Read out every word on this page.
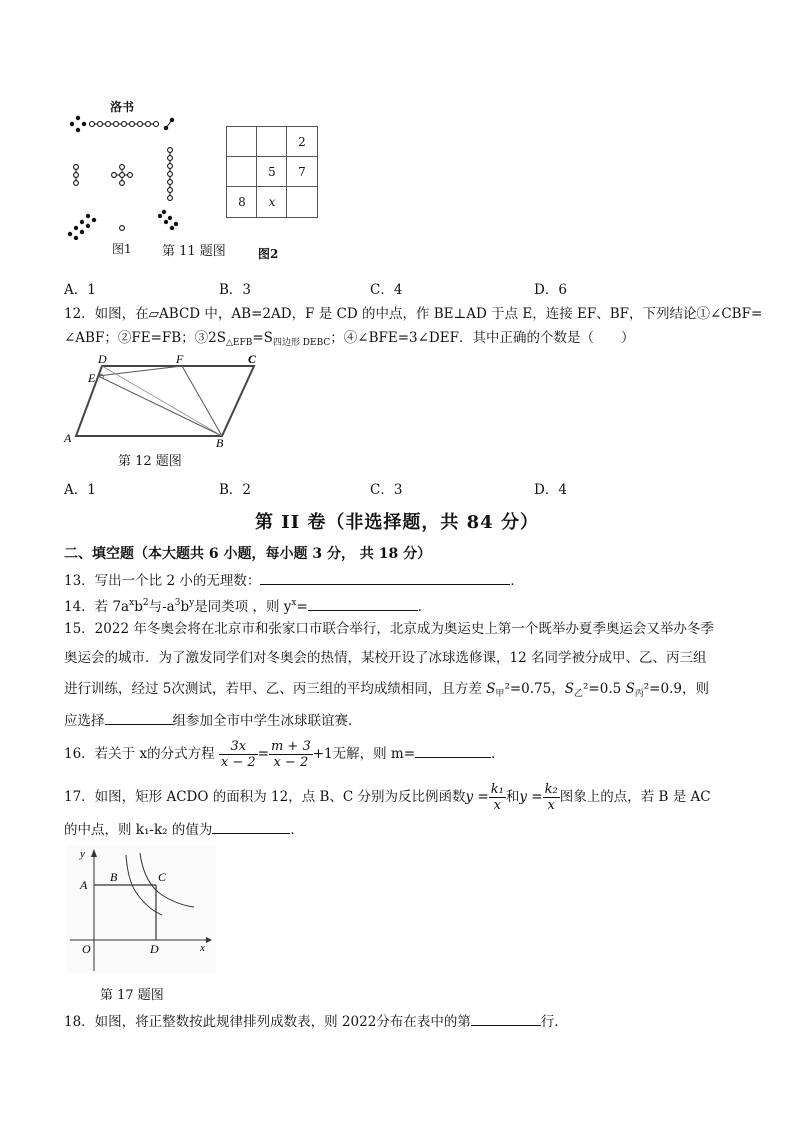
洛书
图1 第 11 题图
2
5	7
8	x
图2
A．1	B．3	C．4	D．6
12．如图，在▱ABCD 中，AB=2AD，F 是 CD 的中点，作 BE⊥AD 于点 E，连接 EF、BF，下列结论①∠CBF=
∠ABF；②FE=FB；$③2S_{\triangle EFB}=S_{四边形 DEBC}$；④∠BFE=3∠DEF．其中正确的个数是（　　）
D	F	C
E
A	B
第 12 题图
A．1	B．2	C．3	D．4
第 II 卷（非选择题，共 84 分）
二、填空题（本大题共 6 小题，每小题 3 分， 共 18 分）
13．写出一个比 2 小的无理数：	．
14．若 $7a^xb^2$与$-a^3b^y$是同类项 ，则 $y^x=$	．
15．2022 年冬奥会将在北京市和张家口市联合举行，北京成为奥运史上第一个既举办夏季奥运会又举办冬季
奥运会的城市．为了激发同学们对冬奥会的热情，某校开设了冰球选修课，12 名同学被分成甲、乙、丙三组
进行训练，经过 5次测试，若甲、乙、丙三组的平均成绩相同，且方差 $S_甲^2=0.75$，$S_乙^2=0.5$ $S_丙^2=0.9$，则
应选择	组参加全市中学生冰球联谊赛．
16．若关于 x的分式方程 $\frac{3x}{x - 2} = \frac{m + 3}{x - 2} +1$无解，则 m=	．
17．如图，矩形 ACDO 的面积为 12，点 B、C 分别为反比例函数$y = \frac{\text{k₁}}{x}$ 和$y = \frac{\text{k₂}}{x}$ 图象上的点，若 B 是 AC
的中点，则 k₁-k₂ 的值为	．
y
x
A
B	C
O	D
第 17 题图
18．如图，将正整数按此规律排列成数表，则 2022分布在表中的第	行．
